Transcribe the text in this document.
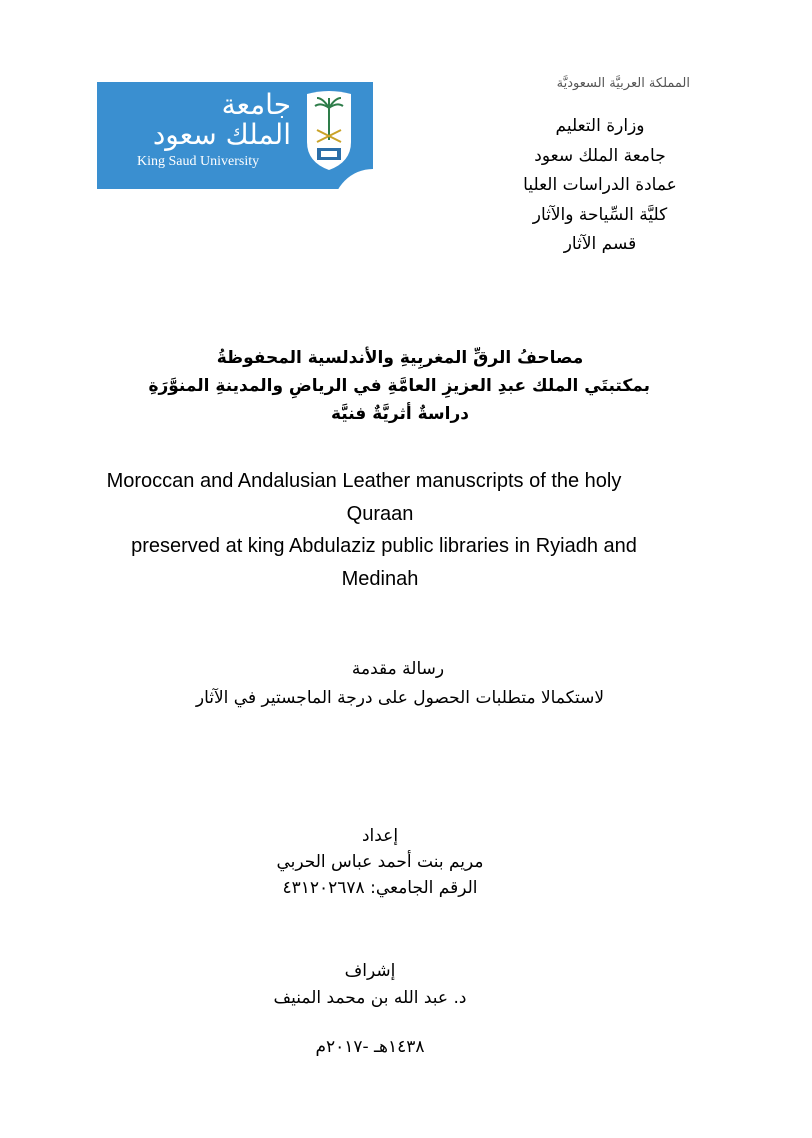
جامعة
الملك سعود
King Saud University
المملكة العربيَّة السعوديَّة
وزارة التعليم
جامعة الملك سعود
عمادة الدراسات العليا
كليَّة السِّياحة والآثار
قسم الآثار
مصاحفُ الرقِّ المغربِيةِ والأندلسية المحفوظةُ
بمكتبتَي الملك عبدِ العزيزِ العامَّةِ في الرياضِ والمدينةِ المنوَّرَةِ
دراسةٌ أثريَّةٌ فنيَّة
Moroccan and Andalusian Leather manuscripts of the holy
Quraan
preserved at king Abdulaziz public libraries in Ryiadh and
Medinah
رسالة مقدمة
لاستكمالا متطلبات الحصول على درجة الماجستير في الآثار
إعداد
مريم بنت أحمد عباس الحربي
الرقم الجامعي: ٤٣١٢٠٢٦٧٨
إشراف
د. عبد الله بن محمد المنيف
١٤٣٨هـ -٢٠١٧م
